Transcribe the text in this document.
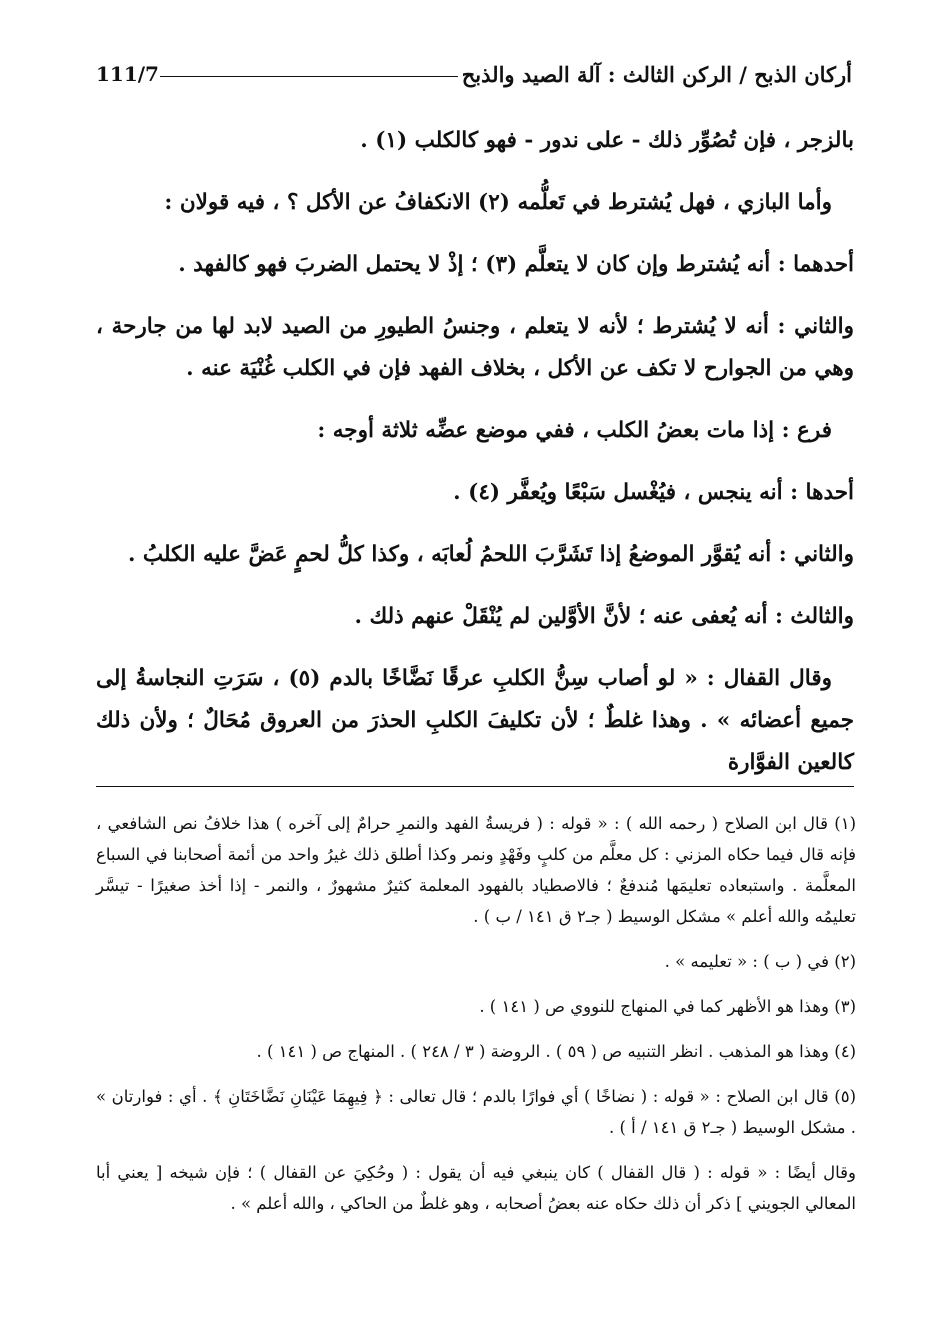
أركان الذبح / الركن الثالث : آلة الصيد والذبح
111/7

بالزجر ، فإن تُصُوِّر ذلك - على ندور - فهو كالكلب (١) .

وأما البازي ، فهل يُشترط في تَعلُّمه (٢) الانكفافُ عن الأكل ؟ ، فيه قولان :

أحدهما : أنه يُشترط وإن كان لا يتعلَّم (٣) ؛ إذْ لا يحتمل الضربَ فهو كالفهد .

والثاني : أنه لا يُشترط ؛ لأنه لا يتعلم ، وجنسُ الطيورِ من الصيد لابد لها من جارحة ، وهي من الجوارح لا تكف عن الأكل ، بخلاف الفهد فإن في الكلب غُنْيَة عنه .

فرع : إذا مات بعضُ الكلب ، ففي موضع عضِّه ثلاثة أوجه :

أحدها : أنه ينجس ، فيُغْسل سَبْعًا ويُعفَّر (٤) .

والثاني : أنه يُقوَّر الموضعُ إذا تَشَرَّبَ اللحمُ لُعابَه ، وكذا كلُّ لحمٍ عَضَّ عليه الكلبُ .

والثالث : أنه يُعفى عنه ؛ لأنَّ الأوَّلين لم يُنْقَلْ عنهم ذلك .

وقال القفال : « لو أصاب سِنُّ الكلبِ عرقًا نَضَّاخًا بالدم (٥) ، سَرَتِ النجاسةُ إلى جميع أعضائه » . وهذا غلطٌ ؛ لأن تكليفَ الكلبِ الحذرَ من العروق مُحَالٌ ؛ ولأن ذلك كالعين الفوَّارة

(١) قال ابن الصلاح ( رحمه الله ) : « قوله : ( فريسةُ الفهد والنمرِ حرامٌ إلى آخره ) هذا خلافُ نص الشافعي ، فإنه قال فيما حكاه المزني : كل معلَّم من كلبٍ وفَهْدٍ ونمر وكذا أطلق ذلك غيرُ واحد من أئمة أصحابنا في السباع المعلَّمة . واستبعاده تعليمَها مُندفعٌ ؛ فالاصطياد بالفهود المعلمة كثيرٌ مشهورٌ ، والنمر - إذا أخذ صغيرًا - تيسَّر تعليمُه والله أعلم » مشكل الوسيط ( جـ٢ ق ١٤١ / ب ) .

(٢) في ( ب ) : « تعليمه » .

(٣) وهذا هو الأظهر كما في المنهاج للنووي ص ( ١٤١ ) .

(٤) وهذا هو المذهب . انظر التنبيه ص ( ٥٩ ) . الروضة ( ٣ / ٢٤٨ ) . المنهاج ص ( ١٤١ ) .

(٥) قال ابن الصلاح : « قوله : ( نضاخًا ) أي فوارًا بالدم ؛ قال تعالى : ﴿ فِيهِمَا عَيْنَانِ نَضَّاخَتَانِ ﴾ . أي : فوارتان » . مشكل الوسيط ( جـ٢ ق ١٤١ / أ ) .

وقال أيضًا : « قوله : ( قال القفال ) كان ينبغي فيه أن يقول : ( وحُكِيَ عن القفال ) ؛ فإن شيخه [ يعني أبا المعالي الجويني ] ذكر أن ذلك حكاه عنه بعضُ أصحابه ، وهو غلطٌ من الحاكي ، والله أعلم » .
